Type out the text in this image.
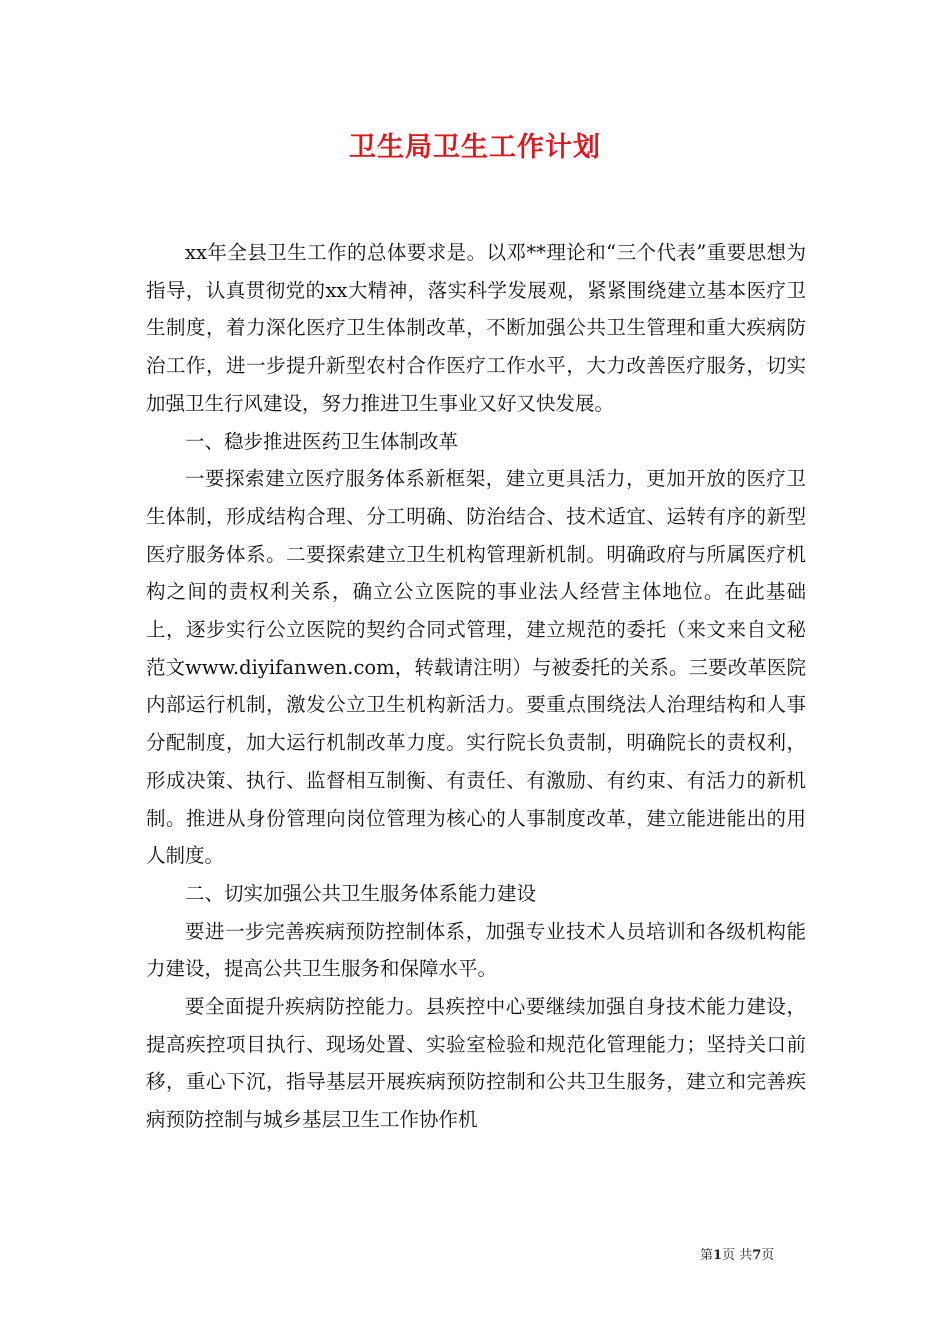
卫生局卫生工作计划

xx年全县卫生工作的总体要求是。以邓**理论和“三个代表”重要思想为指导，认真贯彻党的xx大精神，落实科学发展观，紧紧围绕建立基本医疗卫生制度，着力深化医疗卫生体制改革，不断加强公共卫生管理和重大疾病防治工作，进一步提升新型农村合作医疗工作水平，大力改善医疗服务，切实加强卫生行风建设，努力推进卫生事业又好又快发展。

一、稳步推进医药卫生体制改革

一要探索建立医疗服务体系新框架，建立更具活力，更加开放的医疗卫生体制，形成结构合理、分工明确、防治结合、技术适宜、运转有序的新型医疗服务体系。二要探索建立卫生机构管理新机制。明确政府与所属医疗机构之间的责权利关系，确立公立医院的事业法人经营主体地位。在此基础上，逐步实行公立医院的契约合同式管理，建立规范的委托（来文来自文秘范文www.diyifanwen.com，转载请注明）与被委托的关系。三要改革医院内部运行机制，激发公立卫生机构新活力。要重点围绕法人治理结构和人事分配制度，加大运行机制改革力度。实行院长负责制，明确院长的责权利，形成决策、执行、监督相互制衡、有责任、有激励、有约束、有活力的新机制。推进从身份管理向岗位管理为核心的人事制度改革，建立能进能出的用人制度。

二、切实加强公共卫生服务体系能力建设

要进一步完善疾病预防控制体系，加强专业技术人员培训和各级机构能力建设，提高公共卫生服务和保障水平。

要全面提升疾病防控能力。县疾控中心要继续加强自身技术能力建设，提高疾控项目执行、现场处置、实验室检验和规范化管理能力；坚持关口前移，重心下沉，指导基层开展疾病预防控制和公共卫生服务，建立和完善疾病预防控制与城乡基层卫生工作协作机

第1页 共7页
